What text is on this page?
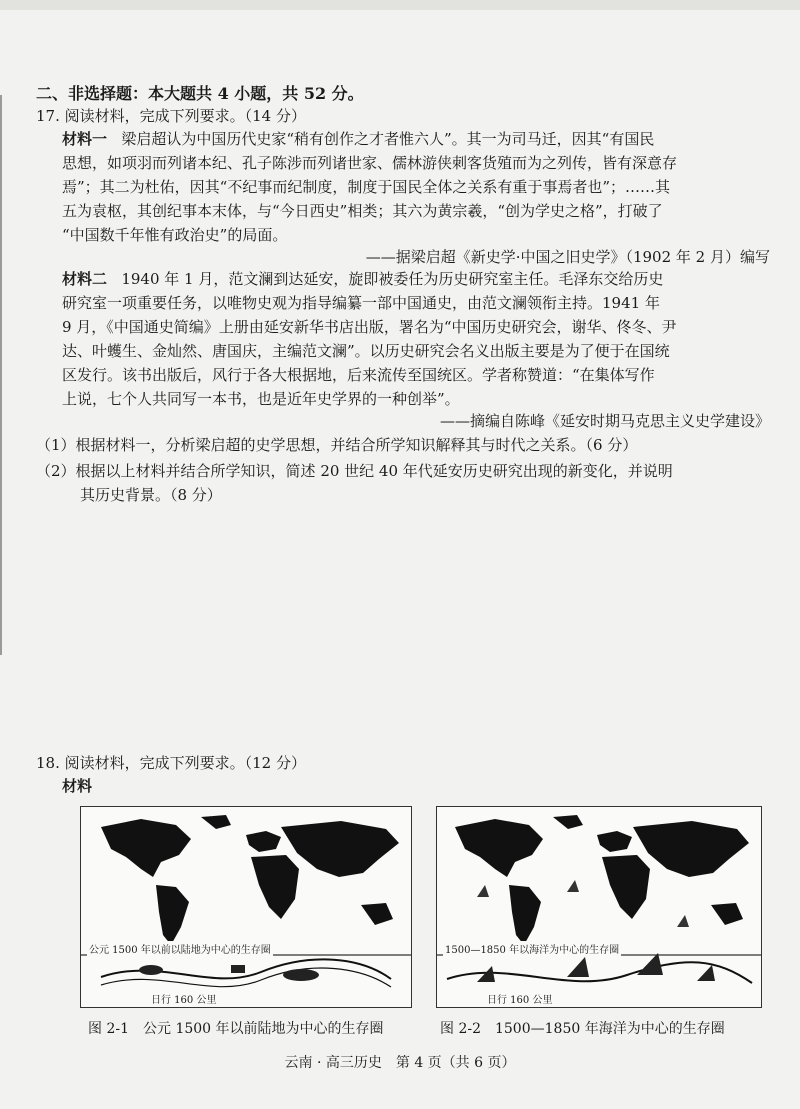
二、非选择题：本大题共 4 小题，共 52 分。
17. 阅读材料，完成下列要求。（14 分）
材料一 梁启超认为中国历代史家“稍有创作之才者惟六人”。其一为司马迁，因其“有国民
思想，如项羽而列诸本纪、孔子陈涉而列诸世家、儒林游侠刺客货殖而为之列传，皆有深意存
焉”；其二为杜佑，因其“不纪事而纪制度，制度于国民全体之关系有重于事焉者也”；……其
五为袁枢，其创纪事本末体，与“今日西史”相类；其六为黄宗羲，“创为学史之格”，打破了
“中国数千年惟有政治史”的局面。
——据梁启超《新史学·中国之旧史学》（1902 年 2 月）编写
材料二 1940 年 1 月，范文澜到达延安，旋即被委任为历史研究室主任。毛泽东交给历史
研究室一项重要任务，以唯物史观为指导编纂一部中国通史，由范文澜领衔主持。1941 年
9 月，《中国通史简编》上册由延安新华书店出版，署名为“中国历史研究会，谢华、佟冬、尹
达、叶蠖生、金灿然、唐国庆，主编范文澜”。以历史研究会名义出版主要是为了便于在国统
区发行。该书出版后，风行于各大根据地，后来流传至国统区。学者称赞道：“在集体写作
上说，七个人共同写一本书，也是近年史学界的一种创举”。
——摘编自陈峰《延安时期马克思主义史学建设》
（1）根据材料一，分析梁启超的史学思想，并结合所学知识解释其与时代之关系。（6 分）
（2）根据以上材料并结合所学知识，简述 20 世纪 40 年代延安历史研究出现的新变化，并说明
其历史背景。（8 分）
18. 阅读材料，完成下列要求。（12 分）
材料
公元 1500 年以前以陆地为中心的生存圈
日行 160 公里
1500—1850 年以海洋为中心的生存圈
日行 160 公里
图 2-1　公元 1500 年以前陆地为中心的生存圈	图 2-2　1500—1850 年海洋为中心的生存圈
云南 · 高三历史　第 4 页（共 6 页）
